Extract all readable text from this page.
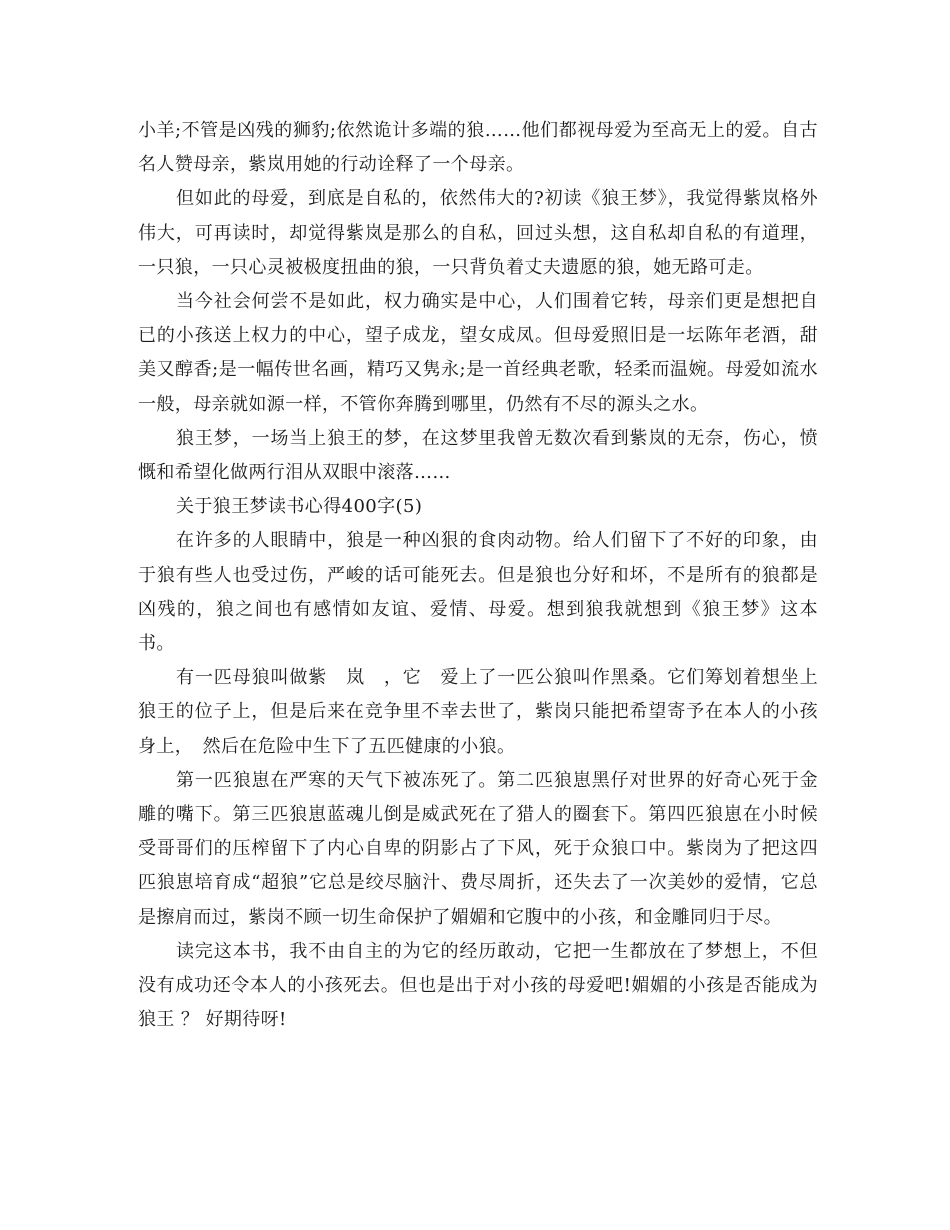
小羊;不管是凶残的狮豹;依然诡计多端的狼……他们都视母爱为至高无上的爱。自古名人赞母亲，紫岚用她的行动诠释了一个母亲。

但如此的母爱，到底是自私的，依然伟大的?初读《狼王梦》，我觉得紫岚格外伟大，可再读时，却觉得紫岚是那么的自私，回过头想，这自私却自私的有道理，一只狼，一只心灵被极度扭曲的狼，一只背负着丈夫遗愿的狼，她无路可走。

当今社会何尝不是如此，权力确实是中心，人们围着它转，母亲们更是想把自已的小孩送上权力的中心，望子成龙，望女成凤。但母爱照旧是一坛陈年老酒，甜美又醇香;是一幅传世名画，精巧又隽永;是一首经典老歌，轻柔而温婉。母爱如流水一般，母亲就如源一样，不管你奔腾到哪里，仍然有不尽的源头之水。

狼王梦，一场当上狼王的梦，在这梦里我曾无数次看到紫岚的无奈，伤心，愤慨和希望化做两行泪从双眼中滚落……

关于狼王梦读书心得400字(5)

在许多的人眼睛中，狼是一种凶狠的食肉动物。给人们留下了不好的印象，由于狼有些人也受过伤，严峻的话可能死去。但是狼也分好和坏，不是所有的狼都是凶残的，狼之间也有感情如友谊、爱情、母爱。想到狼我就想到《狼王梦》这本书。

有一匹母狼叫做紫　岚　，它　爱上了一匹公狼叫作黑桑。它们筹划着想坐上狼王的位子上，但是后来在竞争里不幸去世了，紫岗只能把希望寄予在本人的小孩身上，　然后在危险中生下了五匹健康的小狼。

第一匹狼崽在严寒的天气下被冻死了。第二匹狼崽黑仔对世界的好奇心死于金雕的嘴下。第三匹狼崽蓝魂儿倒是威武死在了猎人的圈套下。第四匹狼崽在小时候受哥哥们的压榨留下了内心自卑的阴影占了下风，死于众狼口中。紫岗为了把这四匹狼崽培育成“超狼”它总是绞尽脑汁、费尽周折，还失去了一次美妙的爱情，它总是擦肩而过，紫岗不顾一切生命保护了媚媚和它腹中的小孩，和金雕同归于尽。

读完这本书，我不由自主的为它的经历敢动，它把一生都放在了梦想上，不但没有成功还令本人的小孩死去。但也是出于对小孩的母爱吧!媚媚的小孩是否能成为狼王 ？ 好期待呀!
